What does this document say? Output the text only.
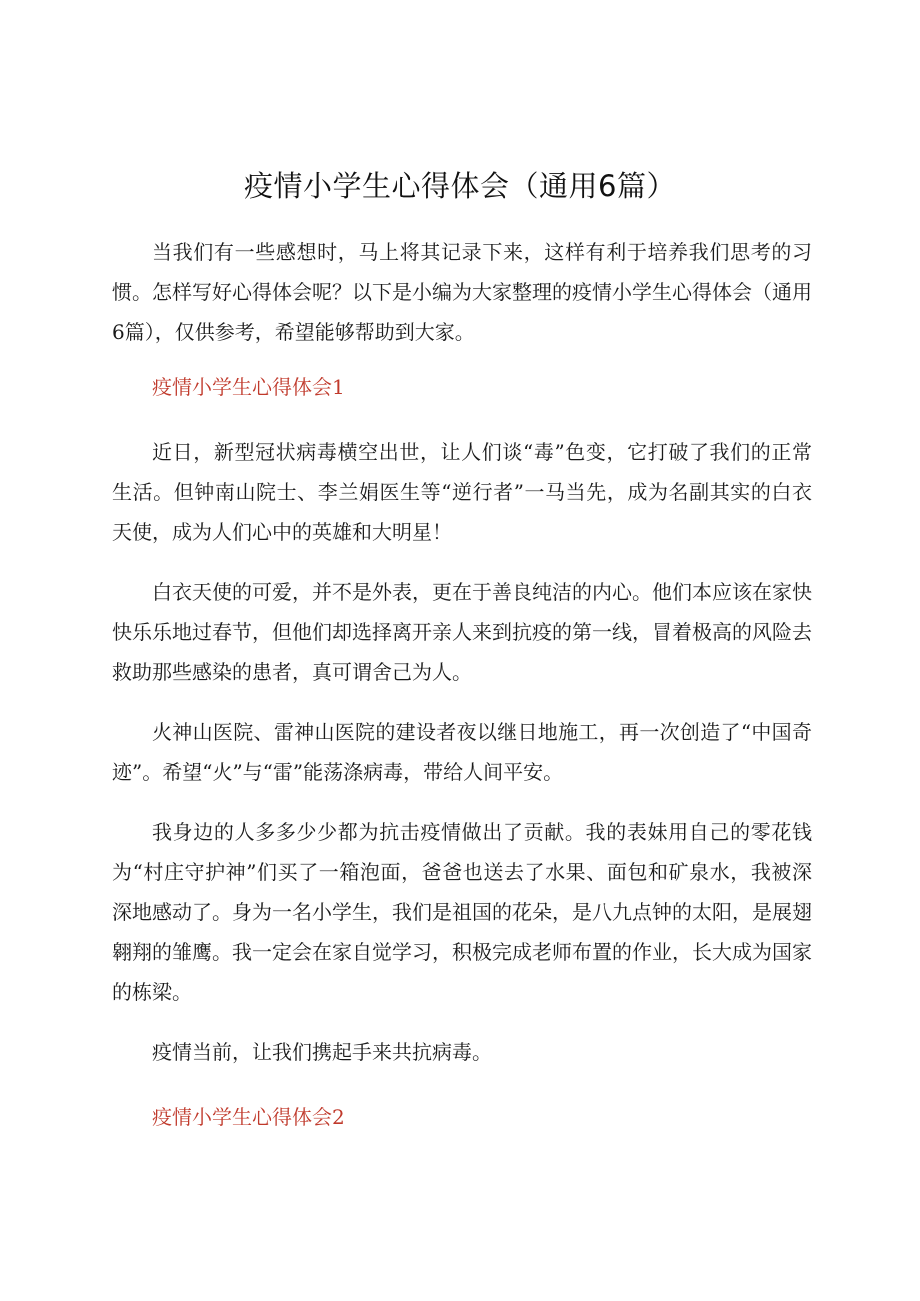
疫情小学生心得体会（通用6篇）

当我们有一些感想时，马上将其记录下来，这样有利于培养我们思考的习惯。怎样写好心得体会呢？以下是小编为大家整理的疫情小学生心得体会（通用6篇），仅供参考，希望能够帮助到大家。

疫情小学生心得体会1

近日，新型冠状病毒横空出世，让人们谈“毒”色变，它打破了我们的正常生活。但钟南山院士、李兰娟医生等“逆行者”一马当先，成为名副其实的白衣天使，成为人们心中的英雄和大明星！

白衣天使的可爱，并不是外表，更在于善良纯洁的内心。他们本应该在家快快乐乐地过春节，但他们却选择离开亲人来到抗疫的第一线，冒着极高的风险去救助那些感染的患者，真可谓舍己为人。

火神山医院、雷神山医院的建设者夜以继日地施工，再一次创造了“中国奇迹”。希望“火”与“雷”能荡涤病毒，带给人间平安。

我身边的人多多少少都为抗击疫情做出了贡献。我的表妹用自己的零花钱为“村庄守护神”们买了一箱泡面，爸爸也送去了水果、面包和矿泉水，我被深深地感动了。身为一名小学生，我们是祖国的花朵，是八九点钟的太阳，是展翅翱翔的雏鹰。我一定会在家自觉学习，积极完成老师布置的作业，长大成为国家的栋梁。

疫情当前，让我们携起手来共抗病毒。

疫情小学生心得体会2
